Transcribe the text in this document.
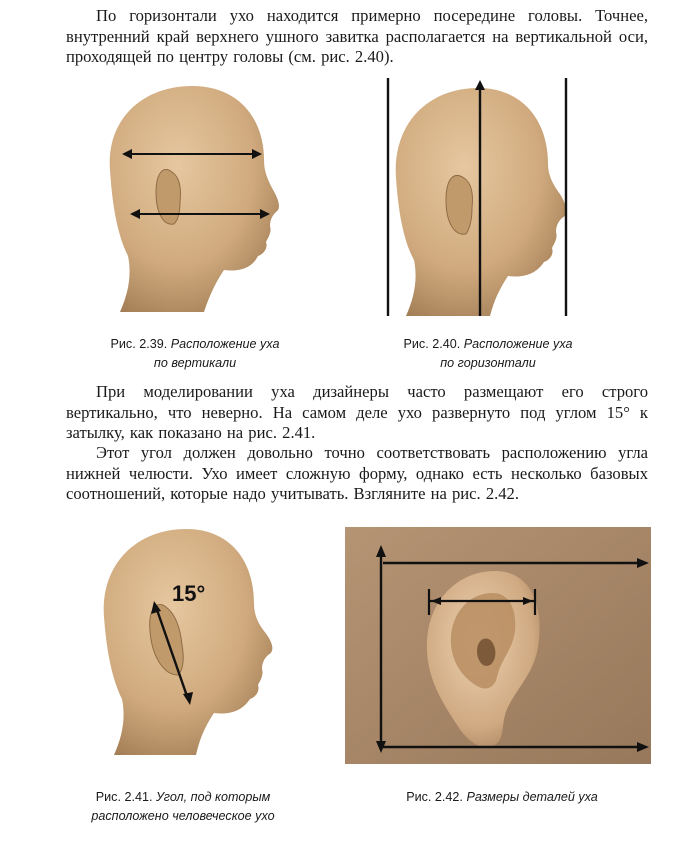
По горизонтали ухо находится примерно посередине головы. Точнее, внутренний край верхнего ушного завитка располагается на вертикальной оси, проходящей по центру головы (см. рис. 2.40).

Рис. 2.39. Расположение уха
по вертикали
Рис. 2.40. Расположение уха
по горизонтали

При моделировании уха дизайнеры часто размещают его строго вертикально, что неверно. На самом деле ухо развернуто под углом 15° к затылку, как показано на рис. 2.41.

Этот угол должен довольно точно соответствовать расположению угла нижней челюсти. Ухо имеет сложную форму, однако есть несколько базовых соотношений, которые надо учитывать. Взгляните на рис. 2.42.

15°
Рис. 2.41. Угол, под которым
расположено человеческое ухо
Рис. 2.42. Размеры деталей уха
